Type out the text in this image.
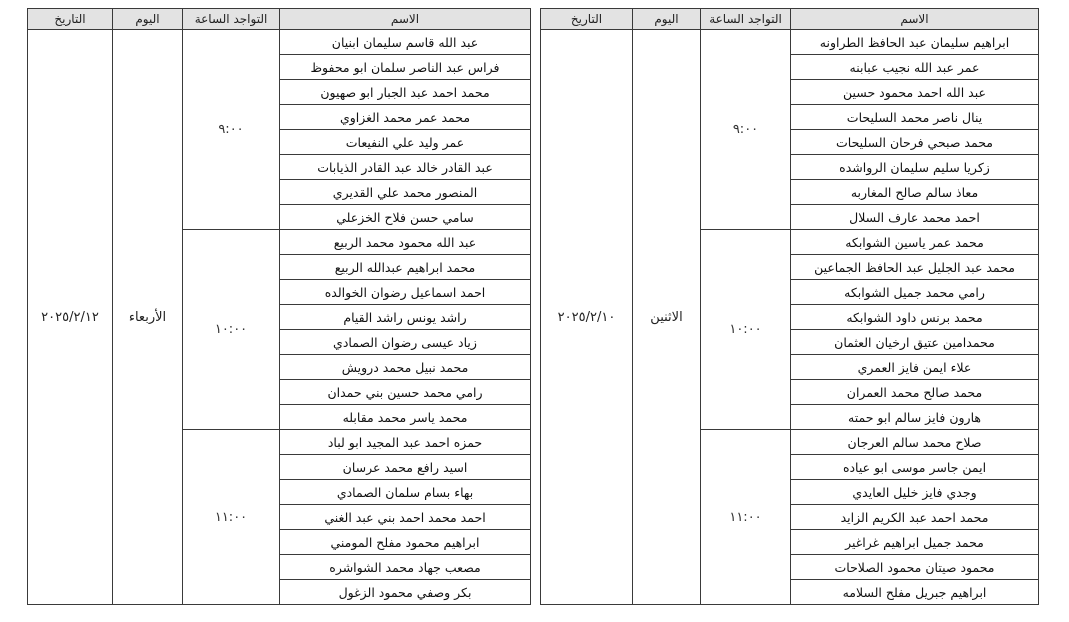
الاسم	التواجد الساعة	اليوم	التاريخ
ابراهيم سليمان عبد الحافظ الطراونه	٩:٠٠	الاثنين	٢٠٢٥/٢/١٠
عمر عبد الله نجيب عبابنه			
عبد الله احمد محمود حسين			
ينال ناصر محمد السليحات			
محمد صبحي فرحان السليحات			
زكريا سليم سليمان الرواشده			
معاذ سالم صالح المغاربه			
احمد محمد عارف السلال			
محمد عمر ياسين الشوابكه	١٠:٠٠		
محمد عبد الجليل عبد الحافظ الجماعين			
رامي محمد جميل الشوابكه			
محمد برنس داود الشوابكه			
محمدامين عتيق ارخيان العثمان			
علاء ايمن فايز العمري			
محمد صالح محمد العمران			
هارون فايز سالم ابو حمته			
صلاح محمد سالم العرجان	١١:٠٠		
ايمن جاسر موسى ابو عياده			
وجدي فايز خليل العايدي			
محمد احمد عبد الكريم الزايد			
محمد جميل ابراهيم غراغير			
محمود صيتان محمود الصلاحات			
ابراهيم جبريل مفلح السلامه			
الاسم	التواجد الساعة	اليوم	التاريخ
عبد الله قاسم سليمان ابنيان	٩:٠٠	الأربعاء	٢٠٢٥/٢/١٢
فراس عبد الناصر سلمان ابو محفوظ			
محمد احمد عبد الجبار ابو صهيون			
محمد عمر محمد الغزاوي			
عمر وليد علي النفيعات			
عبد القادر خالد عبد القادر الذيابات			
المنصور محمد علي القديري			
سامي حسن فلاح الخزعلي			
عبد الله محمود محمد الربيع	١٠:٠٠		
محمد ابراهيم عبدالله الربيع			
احمد اسماعيل رضوان الخوالده			
راشد يونس راشد القيام			
زياد عيسى رضوان الصمادي			
محمد نبيل محمد درويش			
رامي محمد حسين بني حمدان			
محمد ياسر محمد مقابله			
حمزه احمد عبد المجيد ابو لباد	١١:٠٠		
اسيد رافع محمد عرسان			
بهاء بسام سلمان الصمادي			
احمد محمد احمد بني عبد الغني			
ابراهيم محمود مفلح المومني			
مصعب جهاد محمد الشواشره			
بكر وصفي محمود الزغول			
